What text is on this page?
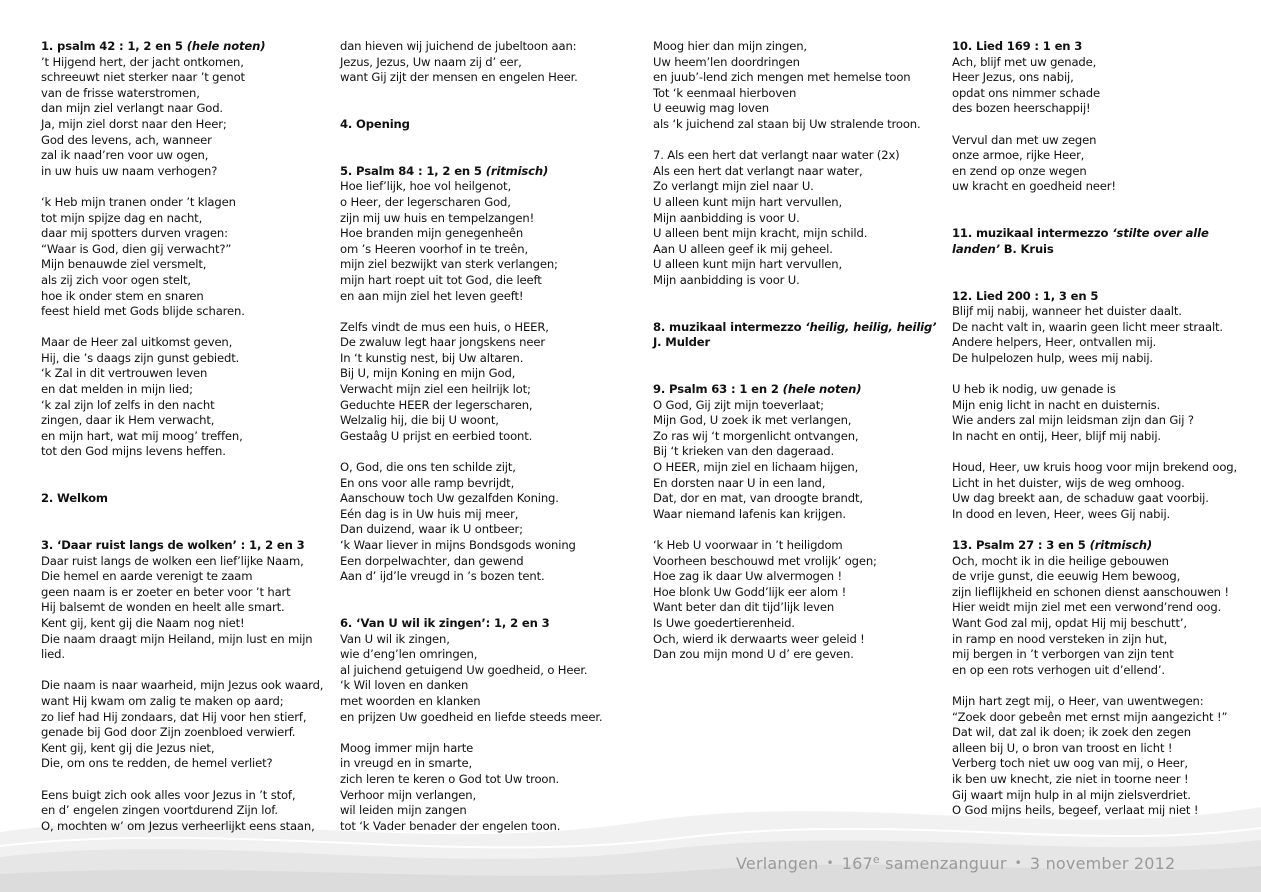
1. psalm 42 : 1, 2 en 5 (hele noten)
’t Hijgend hert, der jacht ontkomen,
schreeuwt niet sterker naar ’t genot
van de frisse waterstromen,
dan mijn ziel verlangt naar God.
Ja, mijn ziel dorst naar den Heer;
God des levens, ach, wanneer
zal ik naad’ren voor uw ogen,
in uw huis uw naam verhogen?
‘k Heb mijn tranen onder ’t klagen
tot mijn spijze dag en nacht,
daar mij spotters durven vragen:
“Waar is God, dien gij verwacht?”
Mijn benauwde ziel versmelt,
als zij zich voor ogen stelt,
hoe ik onder stem en snaren
feest hield met Gods blijde scharen.
Maar de Heer zal uitkomst geven,
Hij, die ’s daags zijn gunst gebiedt.
‘k Zal in dit vertrouwen leven
en dat melden in mijn lied;
‘k zal zijn lof zelfs in den nacht
zingen, daar ik Hem verwacht,
en mijn hart, wat mij moog’ treffen,
tot den God mijns levens heffen.
2. Welkom
3. ‘Daar ruist langs de wolken’ : 1, 2 en 3
Daar ruist langs de wolken een lief’lijke Naam,
Die hemel en aarde verenigt te zaam
geen naam is er zoeter en beter voor ’t hart
Hij balsemt de wonden en heelt alle smart.
Kent gij, kent gij die Naam nog niet!
Die naam draagt mijn Heiland, mijn lust en mijn
lied.
Die naam is naar waarheid, mijn Jezus ook waard,
want Hij kwam om zalig te maken op aard;
zo lief had Hij zondaars, dat Hij voor hen stierf,
genade bij God door Zijn zoenbloed verwierf.
Kent gij, kent gij die Jezus niet,
Die, om ons te redden, de hemel verliet?
Eens buigt zich ook alles voor Jezus in ’t stof,
en d’ engelen zingen voortdurend Zijn lof.
O, mochten w’ om Jezus verheerlijkt eens staan,
dan hieven wij juichend de jubeltoon aan:
Jezus, Jezus, Uw naam zij d’ eer,
want Gij zijt der mensen en engelen Heer.
4. Opening
5. Psalm 84 : 1, 2 en 5 (ritmisch)
Hoe lief’lijk, hoe vol heilgenot,
o Heer, der legerscharen God,
zijn mij uw huis en tempelzangen!
Hoe branden mijn genegenheên
om ’s Heeren voorhof in te treên,
mijn ziel bezwijkt van sterk verlangen;
mijn hart roept uit tot God, die leeft
en aan mijn ziel het leven geeft!
Zelfs vindt de mus een huis, o HEER,
De zwaluw legt haar jongskens neer
In ‘t kunstig nest, bij Uw altaren.
Bij U, mijn Koning en mijn God,
Verwacht mijn ziel een heilrijk lot;
Geduchte HEER der legerscharen,
Welzalig hij, die bij U woont,
Gestaâg U prijst en eerbied toont.
O, God, die ons ten schilde zijt,
En ons voor alle ramp bevrijdt,
Aanschouw toch Uw gezalfden Koning.
Eén dag is in Uw huis mij meer,
Dan duizend, waar ik U ontbeer;
‘k Waar liever in mijns Bondsgods woning
Een dorpelwachter, dan gewend
Aan d’ ijd’le vreugd in ’s bozen tent.
6. ‘Van U wil ik zingen’: 1, 2 en 3
Van U wil ik zingen,
wie d’eng’len omringen,
al juichend getuigend Uw goedheid, o Heer.
‘k Wil loven en danken
met woorden en klanken
en prijzen Uw goedheid en liefde steeds meer.
Moog immer mijn harte
in vreugd en in smarte,
zich leren te keren o God tot Uw troon.
Verhoor mijn verlangen,
wil leiden mijn zangen
tot ‘k Vader benader der engelen toon.
Moog hier dan mijn zingen,
Uw heem’len doordringen
en juub’-lend zich mengen met hemelse toon
Tot ‘k eenmaal hierboven
U eeuwig mag loven
als ‘k juichend zal staan bij Uw stralende troon.
7. Als een hert dat verlangt naar water (2x)
Als een hert dat verlangt naar water,
Zo verlangt mijn ziel naar U.
U alleen kunt mijn hart vervullen,
Mijn aanbidding is voor U.
U alleen bent mijn kracht, mijn schild.
Aan U alleen geef ik mij geheel.
U alleen kunt mijn hart vervullen,
Mijn aanbidding is voor U.
8. muzikaal intermezzo ‘heilig, heilig, heilig’
J. Mulder
9. Psalm 63 : 1 en 2 (hele noten)
O God, Gij zijt mijn toeverlaat;
Mijn God, U zoek ik met verlangen,
Zo ras wij ‘t morgenlicht ontvangen,
Bij ‘t krieken van den dageraad.
O HEER, mijn ziel en lichaam hijgen,
En dorsten naar U in een land,
Dat, dor en mat, van droogte brandt,
Waar niemand lafenis kan krijgen.
‘k Heb U voorwaar in ’t heiligdom
Voorheen beschouwd met vrolijk’ ogen;
Hoe zag ik daar Uw alvermogen !
Hoe blonk Uw Godd’lijk eer alom !
Want beter dan dit tijd’lijk leven
Is Uwe goedertierenheid.
Och, wierd ik derwaarts weer geleid !
Dan zou mijn mond U d’ ere geven.
10. Lied 169 : 1 en 3
Ach, blijf met uw genade,
Heer Jezus, ons nabij,
opdat ons nimmer schade
des bozen heerschappij!
Vervul dan met uw zegen
onze armoe, rijke Heer,
en zend op onze wegen
uw kracht en goedheid neer!
11. muzikaal intermezzo ‘stilte over alle
landen’ B. Kruis
12. Lied 200 : 1, 3 en 5
Blijf mij nabij, wanneer het duister daalt.
De nacht valt in, waarin geen licht meer straalt.
Andere helpers, Heer, ontvallen mij.
De hulpelozen hulp, wees mij nabij.
U heb ik nodig, uw genade is
Mijn enig licht in nacht en duisternis.
Wie anders zal mijn leidsman zijn dan Gij ?
In nacht en ontij, Heer, blijf mij nabij.
Houd, Heer, uw kruis hoog voor mijn brekend oog,
Licht in het duister, wijs de weg omhoog.
Uw dag breekt aan, de schaduw gaat voorbij.
In dood en leven, Heer, wees Gij nabij.
13. Psalm 27 : 3 en 5 (ritmisch)
Och, mocht ik in die heilige gebouwen
de vrije gunst, die eeuwig Hem bewoog,
zijn lieflijkheid en schonen dienst aanschouwen !
Hier weidt mijn ziel met een verwond’rend oog.
Want God zal mij, opdat Hij mij beschutt’,
in ramp en nood versteken in zijn hut,
mij bergen in ’t verborgen van zijn tent
en op een rots verhogen uit d’ellend’.
Mijn hart zegt mij, o Heer, van uwentwegen:
“Zoek door gebeên met ernst mijn aangezicht !”
Dat wil, dat zal ik doen; ik zoek den zegen
alleen bij U, o bron van troost en licht !
Verberg toch niet uw oog van mij, o Heer,
ik ben uw knecht, zie niet in toorne neer !
Gij waart mijn hulp in al mijn zielsverdriet.
O God mijns heils, begeef, verlaat mij niet !
Verlangen • 167e samenzanguur • 3 november 2012
